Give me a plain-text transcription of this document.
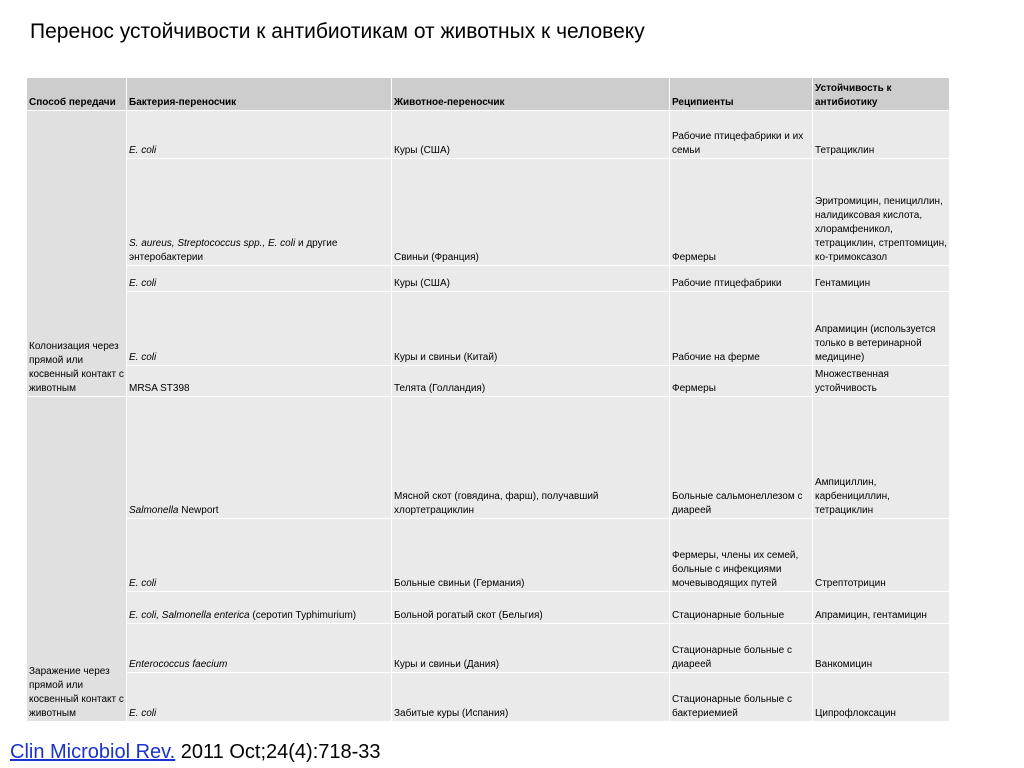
Перенос устойчивости к антибиотикам от животных к человеку
Способ передачи	Бактерия-переносчик	Животное-переносчик	Реципиенты	Устойчивость к антибиотику
Колонизация через прямой или косвенный контакт с животным	E. coli	Куры (США)	Рабочие птицефабрики и их семьи	Тетрациклин
	S. aureus, Streptococcus spp., E. coli и другие энтеробактерии	Свиньи (Франция)	Фермеры	Эритромицин, пенициллин, налидиксовая кислота, хлорамфеникол, тетрациклин, стрептомицин, ко-тримоксазол
	E. coli	Куры (США)	Рабочие птицефабрики	Гентамицин
	E. coli	Куры и свиньи (Китай)	Рабочие на ферме	Апрамицин (используется только в ветеринарной медицине)
	MRSA ST398	Телята (Голландия)	Фермеры	Множественная устойчивость
Заражение через прямой или косвенный контакт с животным	Salmonella Newport	Мясной скот (говядина, фарш), получавший хлортетрациклин	Больные сальмонеллезом с диареей	Ампициллин, карбенициллин, тетрациклин
	E. coli	Больные свиньи (Германия)	Фермеры, члены их семей, больные с инфекциями мочевыводящих путей	Стрептотрицин
	E. coli, Salmonella enterica (серотип Typhimurium)	Больной рогатый скот (Бельгия)	Стационарные больные	Апрамицин, гентамицин
	Enterococcus faecium	Куры и свиньи (Дания)	Стационарные больные с диареей	Ванкомицин
	E. coli	Забитые куры (Испания)	Стационарные больные с бактериемией	Ципрофлоксацин
Clin Microbiol Rev. 2011 Oct;24(4):718-33
